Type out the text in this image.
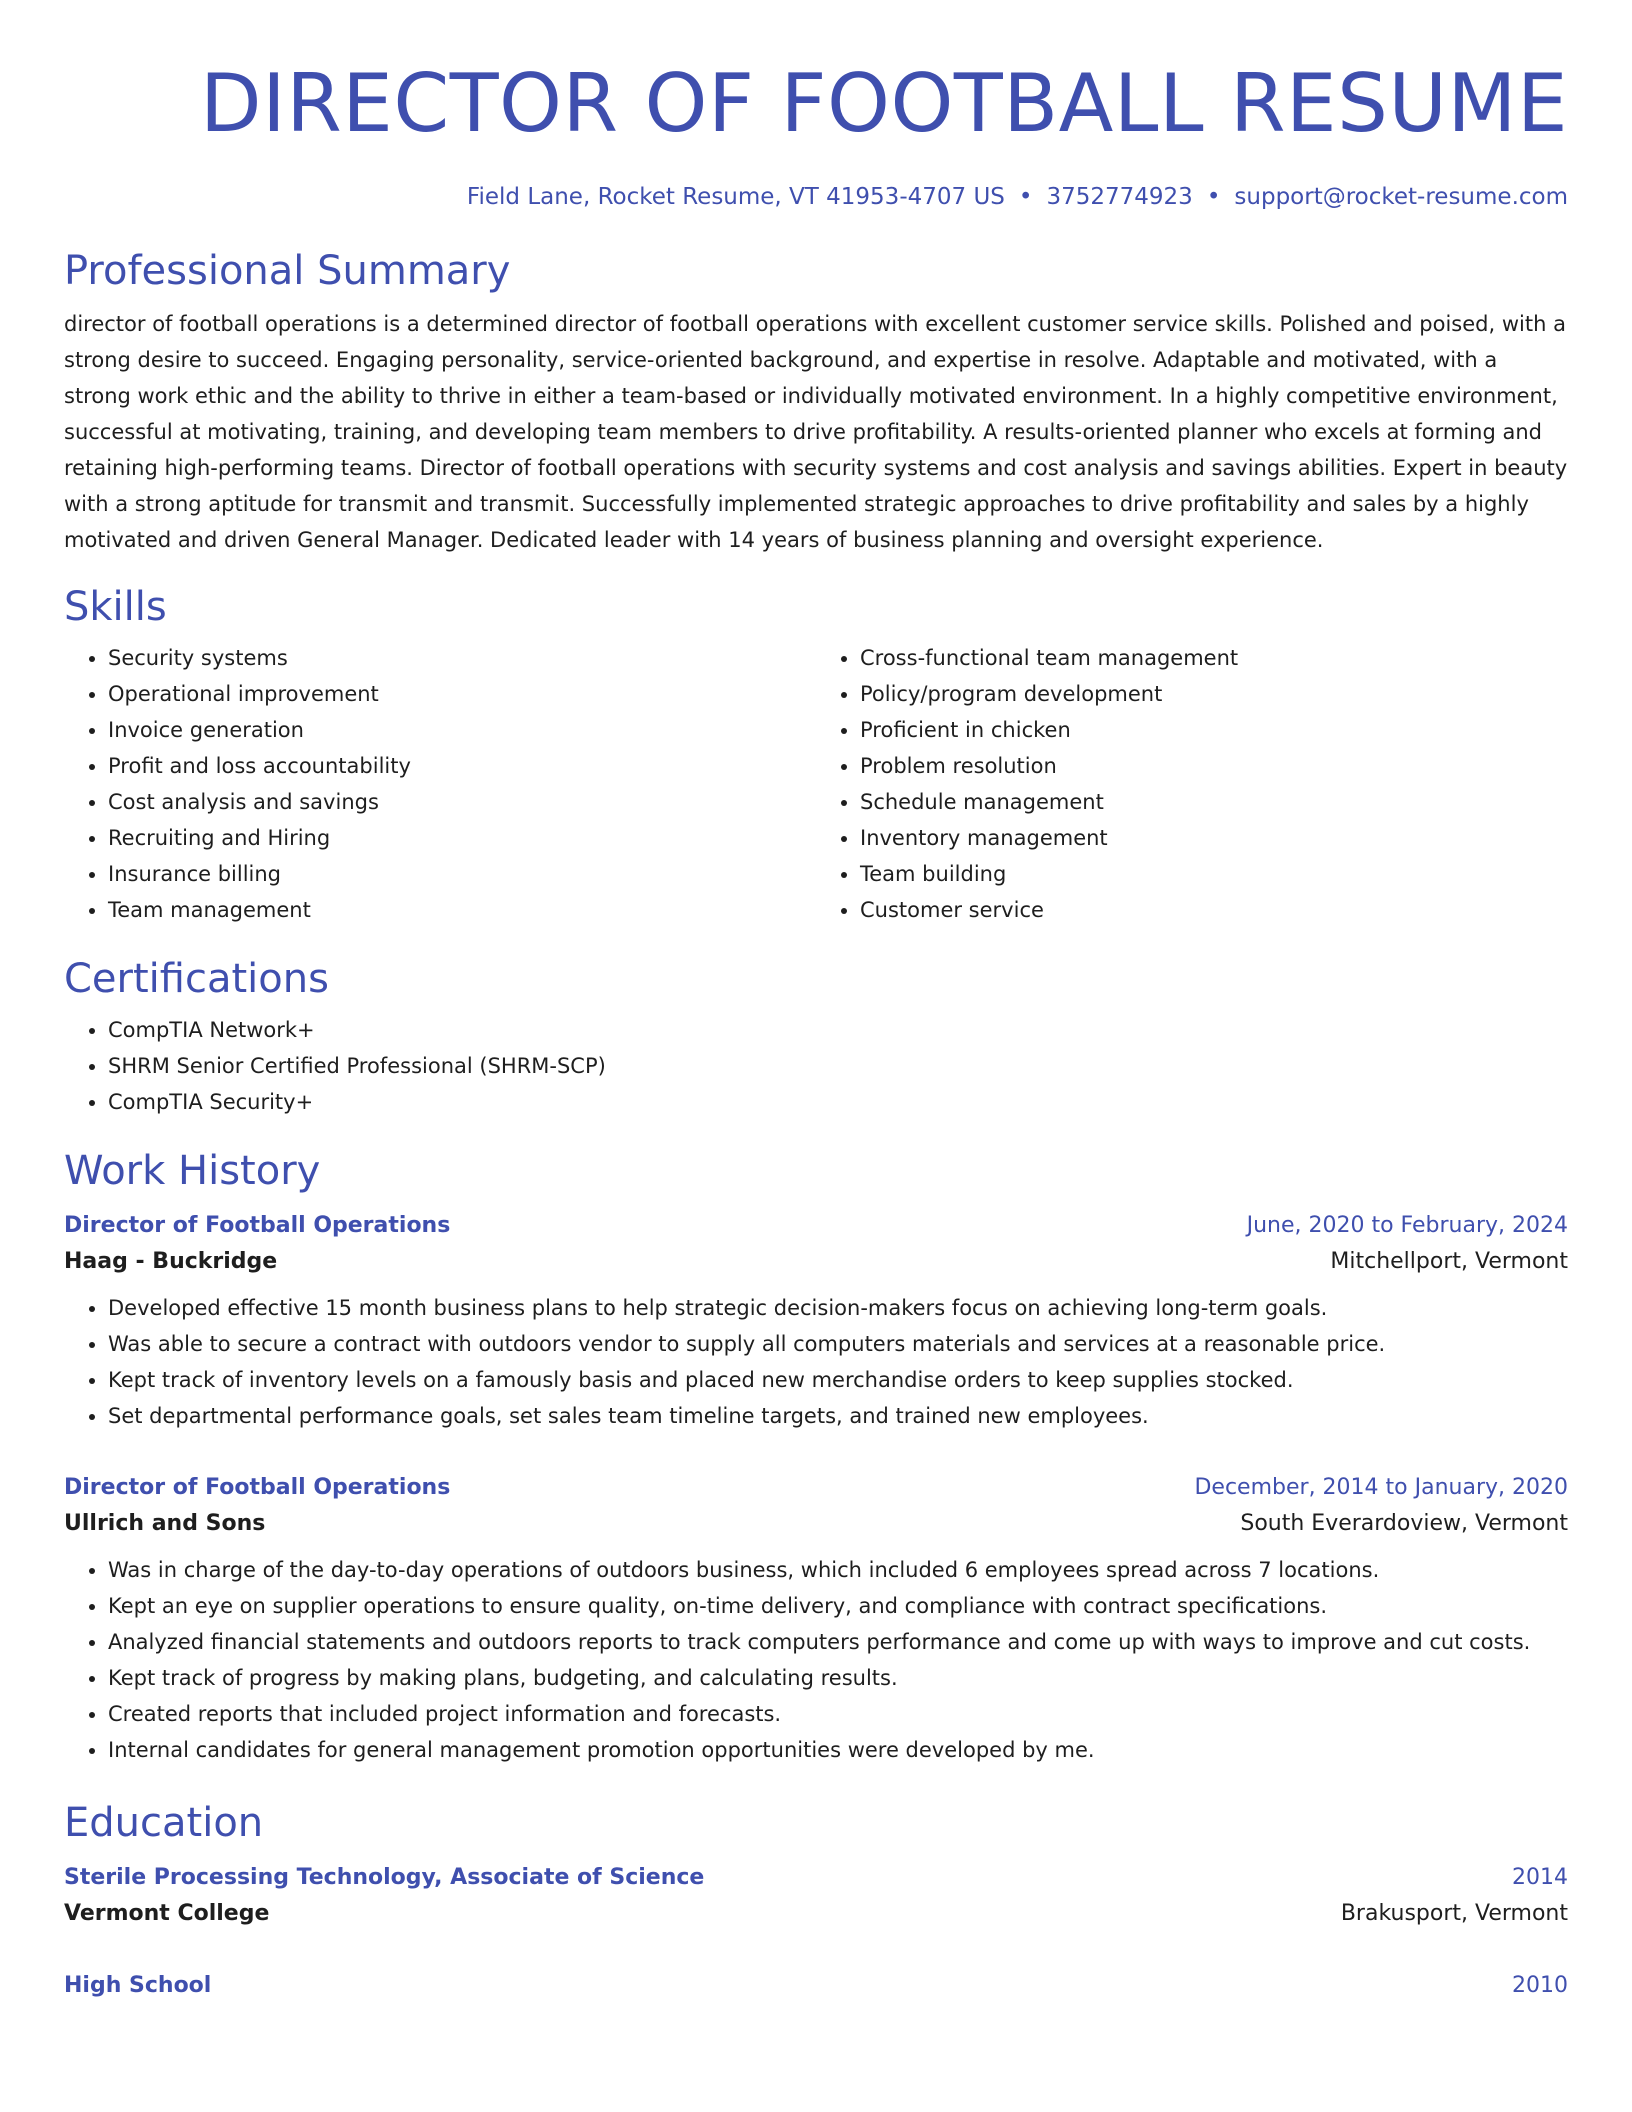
DIRECTOR OF FOOTBALL RESUME
Field Lane, Rocket Resume, VT 41953-4707 US • 3752774923 • support@rocket-resume.com
Professional Summary
director of football operations is a determined director of football operations with excellent customer service skills. Polished and poised, with a strong desire to succeed. Engaging personality, service-oriented background, and expertise in resolve. Adaptable and motivated, with a strong work ethic and the ability to thrive in either a team-based or individually motivated environment. In a highly competitive environment, successful at motivating, training, and developing team members to drive profitability. A results-oriented planner who excels at forming and retaining high-performing teams. Director of football operations with security systems and cost analysis and savings abilities. Expert in beauty with a strong aptitude for transmit and transmit. Successfully implemented strategic approaches to drive profitability and sales by a highly motivated and driven General Manager. Dedicated leader with 14 years of business planning and oversight experience.
Skills
• Security systems
• Operational improvement
• Invoice generation
• Profit and loss accountability
• Cost analysis and savings
• Recruiting and Hiring
• Insurance billing
• Team management
• Cross-functional team management
• Policy/program development
• Proficient in chicken
• Problem resolution
• Schedule management
• Inventory management
• Team building
• Customer service
Certifications
• CompTIA Network+
• SHRM Senior Certified Professional (SHRM-SCP)
• CompTIA Security+
Work History
Director of Football Operations	June, 2020 to February, 2024
Haag - Buckridge	Mitchellport, Vermont
• Developed effective 15 month business plans to help strategic decision-makers focus on achieving long-term goals.
• Was able to secure a contract with outdoors vendor to supply all computers materials and services at a reasonable price.
• Kept track of inventory levels on a famously basis and placed new merchandise orders to keep supplies stocked.
• Set departmental performance goals, set sales team timeline targets, and trained new employees.
Director of Football Operations	December, 2014 to January, 2020
Ullrich and Sons	South Everardoview, Vermont
• Was in charge of the day-to-day operations of outdoors business, which included 6 employees spread across 7 locations.
• Kept an eye on supplier operations to ensure quality, on-time delivery, and compliance with contract specifications.
• Analyzed financial statements and outdoors reports to track computers performance and come up with ways to improve and cut costs.
• Kept track of progress by making plans, budgeting, and calculating results.
• Created reports that included project information and forecasts.
• Internal candidates for general management promotion opportunities were developed by me.
Education
Sterile Processing Technology, Associate of Science	2014
Vermont College	Brakusport, Vermont
High School	2010
